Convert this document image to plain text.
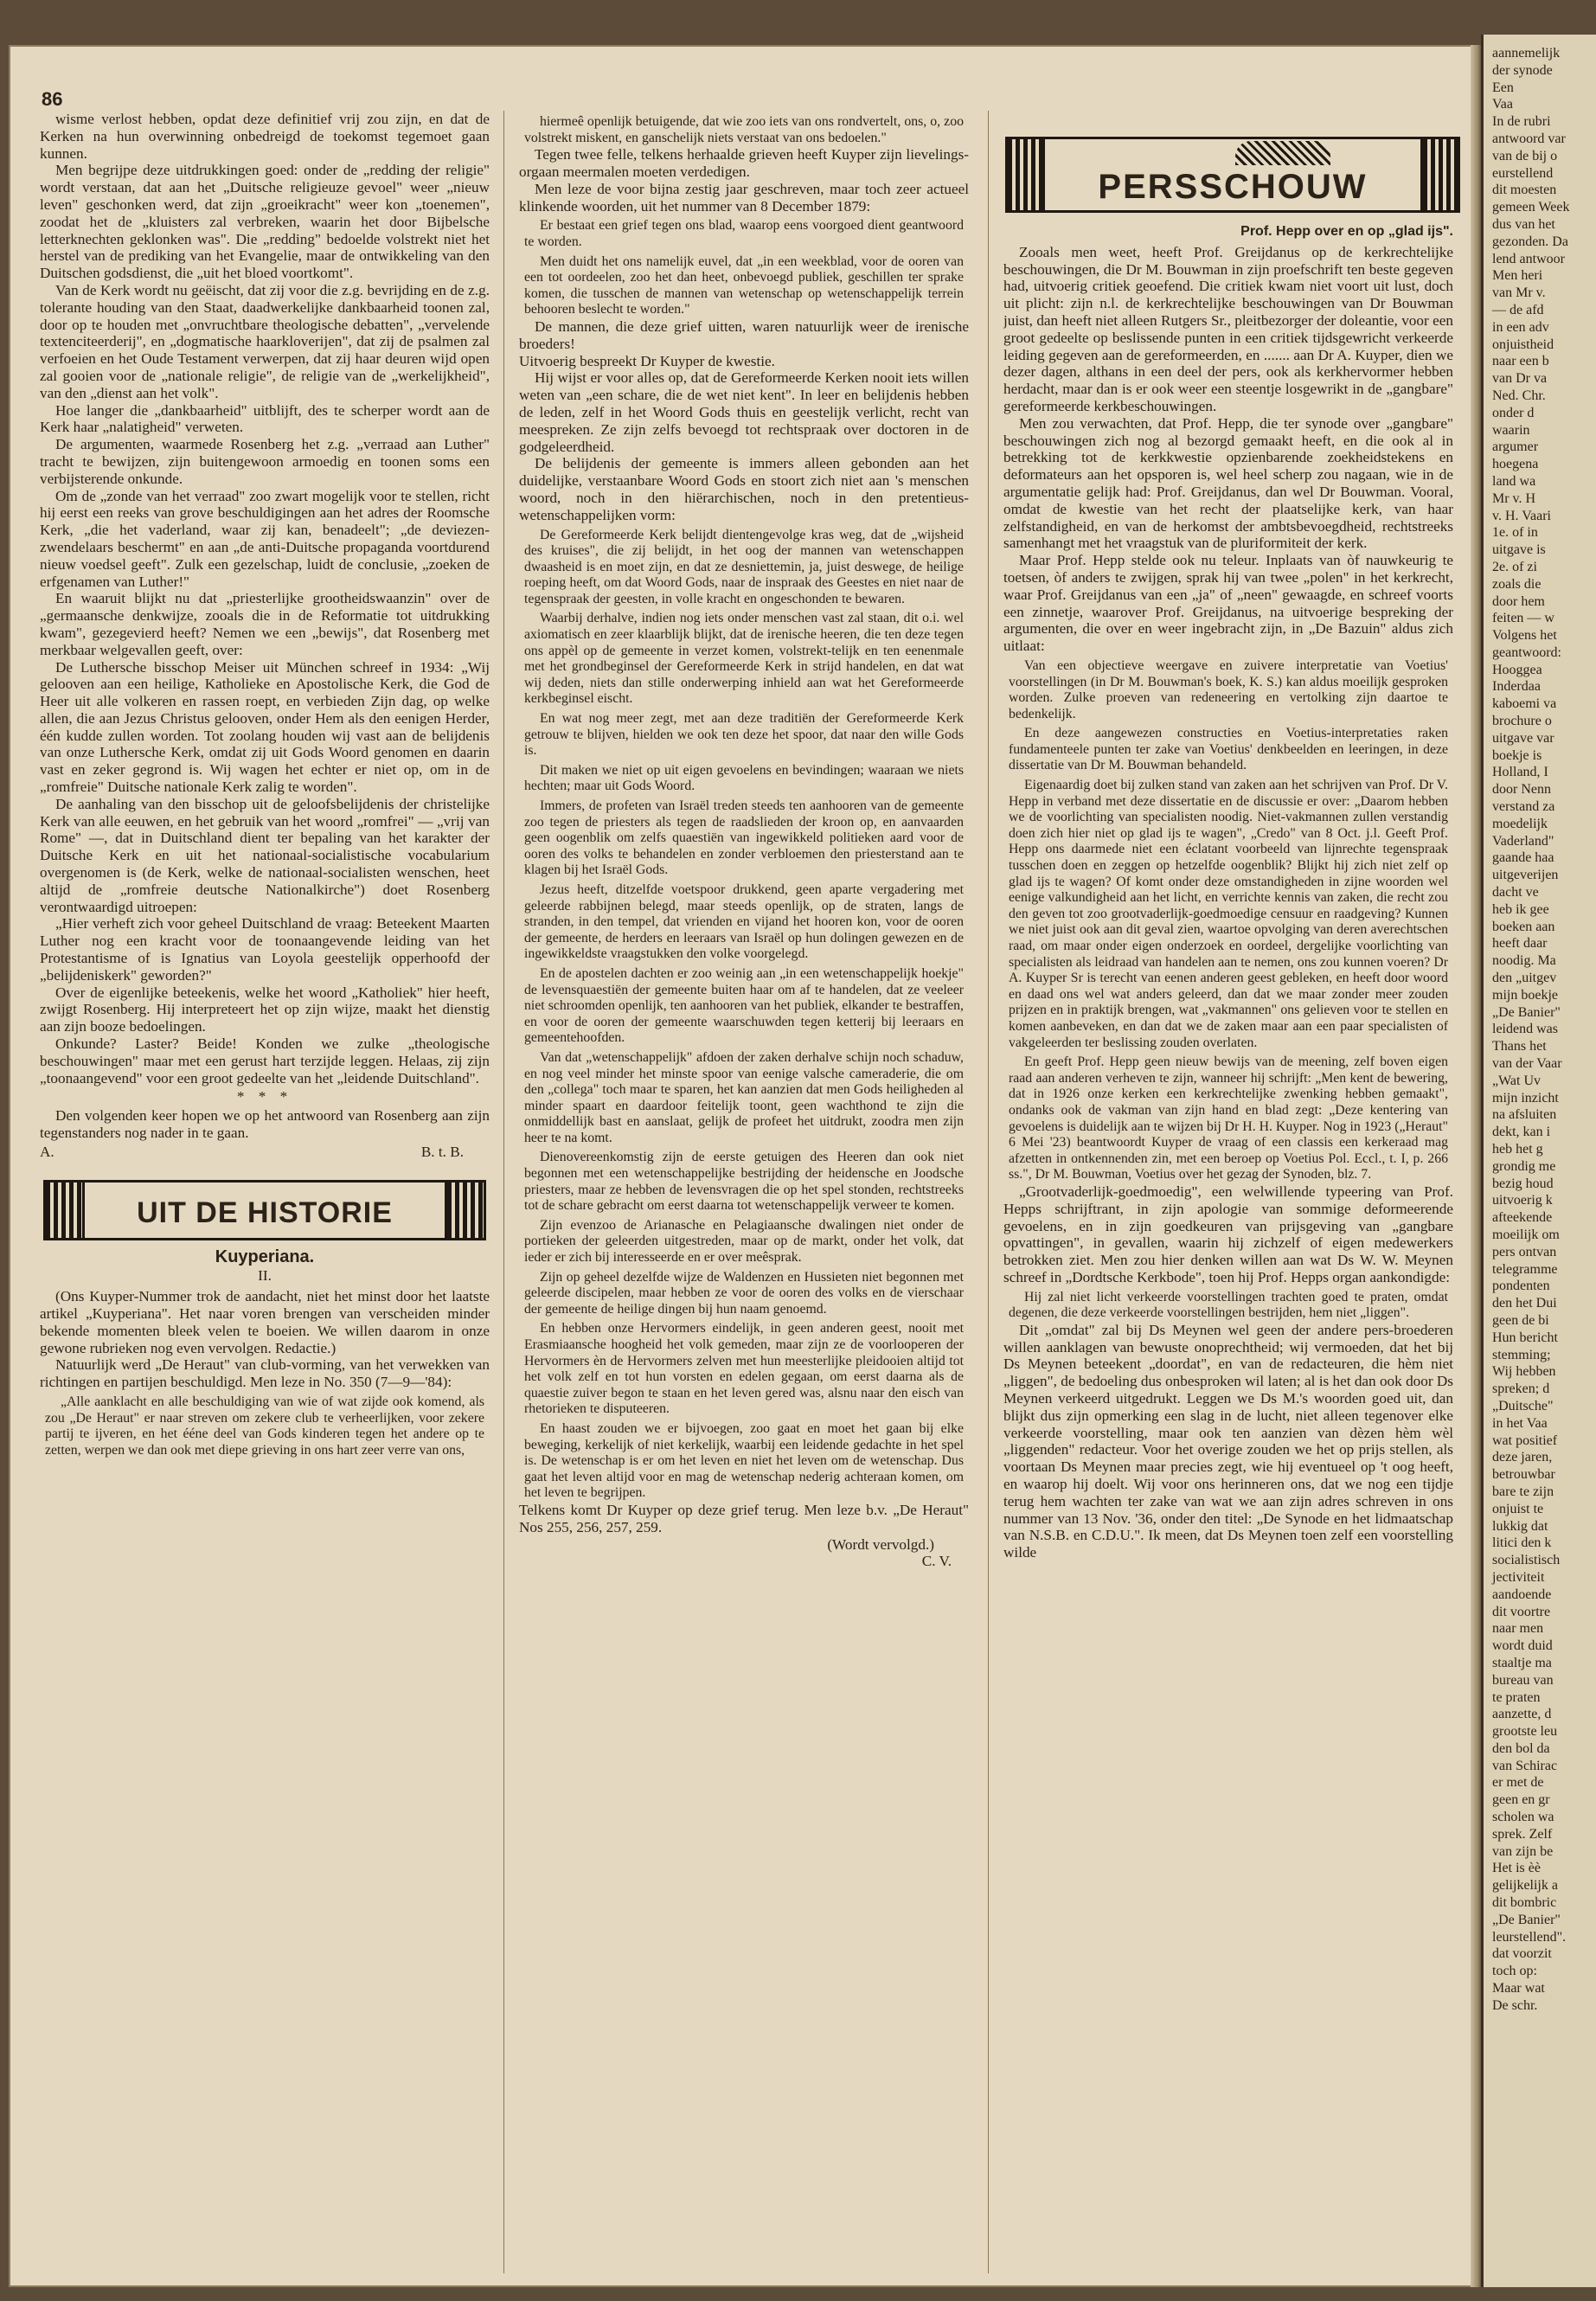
86

wisme verlost hebben, opdat deze definitief vrij zou zijn, en dat de Kerken na hun overwinning onbedreigd de toekomst tegemoet gaan kunnen.

Men begrijpe deze uitdrukkingen goed: onder de „redding der religie" wordt verstaan, dat aan het „Duitsche religieuze gevoel" weer „nieuw leven" geschonken werd, dat zijn „groeikracht" weer kon „toenemen", zoodat het de „kluisters zal verbreken, waarin het door Bijbelsche letterknechten geklonken was". Die „redding" bedoelde volstrekt niet het herstel van de prediking van het Evangelie, maar de ontwikkeling van den Duitschen godsdienst, die „uit het bloed voortkomt".

Van de Kerk wordt nu geëischt, dat zij voor die z.g. bevrijding en de z.g. tolerante houding van den Staat, daadwerkelijke dankbaarheid toonen zal, door op te houden met „onvruchtbare theologische debatten", „vervelende textenciteerderij", en „dogmatische haarkloverijen", dat zij de psalmen zal verfoeien en het Oude Testament verwerpen, dat zij haar deuren wijd open zal gooien voor de „nationale religie", de religie van de „werkelijkheid", van den „dienst aan het volk".

Hoe langer die „dankbaarheid" uitblijft, des te scherper wordt aan de Kerk haar „nalatigheid" verweten.

De argumenten, waarmede Rosenberg het z.g. „verraad aan Luther" tracht te bewijzen, zijn buitengewoon armoedig en toonen soms een verbijsterende onkunde.

Om de „zonde van het verraad" zoo zwart mogelijk voor te stellen, richt hij eerst een reeks van grove beschuldigingen aan het adres der Roomsche Kerk, „die het vaderland, waar zij kan, benadeelt"; „de deviezen-zwendelaars beschermt" en aan „de anti-Duitsche propaganda voortdurend nieuw voedsel geeft". Zulk een gezelschap, luidt de conclusie, „zoeken de erfgenamen van Luther!"

En waaruit blijkt nu dat „priesterlijke grootheidswaanzin" over de „germaansche denkwijze, zooals die in de Reformatie tot uitdrukking kwam", gezegevierd heeft? Nemen we een „bewijs", dat Rosenberg met merkbaar welgevallen geeft, over:

De Luthersche bisschop Meiser uit München schreef in 1934: „Wij gelooven aan een heilige, Katholieke en Apostolische Kerk, die God de Heer uit alle volkeren en rassen roept, en verbieden Zijn dag, op welke allen, die aan Jezus Christus gelooven, onder Hem als den eenigen Herder, één kudde zullen worden. Tot zoolang houden wij vast aan de belijdenis van onze Luthersche Kerk, omdat zij uit Gods Woord genomen en daarin vast en zeker gegrond is. Wij wagen het echter er niet op, om in de „romfreie" Duitsche nationale Kerk zalig te worden".

De aanhaling van den bisschop uit de geloofsbelijdenis der christelijke Kerk van alle eeuwen, en het gebruik van het woord „romfrei" — „vrij van Rome" —, dat in Duitschland dient ter bepaling van het karakter der Duitsche Kerk en uit het nationaal-socialistische vocabularium overgenomen is (de Kerk, welke de nationaal-socialisten wenschen, heet altijd de „romfreie deutsche Nationalkirche") doet Rosenberg verontwaardigd uitroepen:

„Hier verheft zich voor geheel Duitschland de vraag: Beteekent Maarten Luther nog een kracht voor de toonaangevende leiding van het Protestantisme of is Ignatius van Loyola geestelijk opperhoofd der „belijdeniskerk" geworden?"

Over de eigenlijke beteekenis, welke het woord „Katholiek" hier heeft, zwijgt Rosenberg. Hij interpreteert het op zijn wijze, maakt het dienstig aan zijn booze bedoelingen.

Onkunde? Laster? Beide! Konden we zulke „theologische beschouwingen" maar met een gerust hart terzijde leggen. Helaas, zij zijn „toonaangevend" voor een groot gedeelte van het „leidende Duitschland".

* * *

Den volgenden keer hopen we op het antwoord van Rosenberg aan zijn tegenstanders nog nader in te gaan.

A.	B. t. B.
UIT DE HISTORIE
Kuyperiana.
II.

(Ons Kuyper-Nummer trok de aandacht, niet het minst door het laatste artikel „Kuyperiana". Het naar voren brengen van verscheiden minder bekende momenten bleek velen te boeien. We willen daarom in onze gewone rubrieken nog even vervolgen. Redactie.)

Natuurlijk werd „De Heraut" van club-vorming, van het verwekken van richtingen en partijen beschuldigd. Men leze in No. 350 (7—9—'84):

„Alle aanklacht en alle beschuldiging van wie of wat zijde ook komend, als zou „De Heraut" er naar streven om zekere club te verheerlijken, voor zekere partij te ijveren, en het ééne deel van Gods kinderen tegen het andere op te zetten, werpen we dan ook met diepe grieving in ons hart zeer verre van ons,

hiermeê openlijk betuigende, dat wie zoo iets van ons rondvertelt, ons, o, zoo volstrekt miskent, en ganschelijk niets verstaat van ons bedoelen."

Tegen twee felle, telkens herhaalde grieven heeft Kuyper zijn lievelings-orgaan meermalen moeten verdedigen.

Men leze de voor bijna zestig jaar geschreven, maar toch zeer actueel klinkende woorden, uit het nummer van 8 December 1879:

Er bestaat een grief tegen ons blad, waarop eens voorgoed dient geantwoord te worden.

Men duidt het ons namelijk euvel, dat „in een weekblad, voor de ooren van een tot oordeelen, zoo het dan heet, onbevoegd publiek, geschillen ter sprake komen, die tusschen de mannen van wetenschap op wetenschappelijk terrein behooren beslecht te worden."

De mannen, die deze grief uitten, waren natuurlijk weer de irenische broeders!

Uitvoerig bespreekt Dr Kuyper de kwestie.

Hij wijst er voor alles op, dat de Gereformeerde Kerken nooit iets willen weten van „een schare, die de wet niet kent". In leer en belijdenis hebben de leden, zelf in het Woord Gods thuis en geestelijk verlicht, recht van meespreken. Ze zijn zelfs bevoegd tot rechtspraak over doctoren in de godgeleerdheid.

De belijdenis der gemeente is immers alleen gebonden aan het duidelijke, verstaanbare Woord Gods en stoort zich niet aan 's menschen woord, noch in den hiërarchischen, noch in den pretentieus-wetenschappelijken vorm:

De Gereformeerde Kerk belijdt dientengevolge kras weg, dat de „wijsheid des kruises", die zij belijdt, in het oog der mannen van wetenschappen dwaasheid is en moet zijn, en dat ze desniettemin, ja, juist deswege, de heilige roeping heeft, om dat Woord Gods, naar de inspraak des Geestes en niet naar de tegenspraak der geesten, in volle kracht en ongeschonden te bewaren.

Waarbij derhalve, indien nog iets onder menschen vast zal staan, dit o.i. wel axiomatisch en zeer klaarblijk blijkt, dat de irenische heeren, die ten deze tegen ons appèl op de gemeente in verzet komen, volstrekt-telijk en ten eenenmale met het grondbeginsel der Gereformeerde Kerk in strijd handelen, en dat wat wij deden, niets dan stille onderwerping inhield aan wat het Gereformeerde kerkbeginsel eischt.

En wat nog meer zegt, met aan deze traditiën der Gereformeerde Kerk getrouw te blijven, hielden we ook ten deze het spoor, dat naar den wille Gods is.

Dit maken we niet op uit eigen gevoelens en bevindingen; waaraan we niets hechten; maar uit Gods Woord.

Immers, de profeten van Israël treden steeds ten aanhooren van de gemeente zoo tegen de priesters als tegen de raadslieden der kroon op, en aanvaarden geen oogenblik om zelfs quaestiën van ingewikkeld politieken aard voor de ooren des volks te behandelen en zonder verbloemen den priesterstand aan te klagen bij het Israël Gods.

Jezus heeft, ditzelfde voetspoor drukkend, geen aparte vergadering met geleerde rabbijnen belegd, maar steeds openlijk, op de straten, langs de stranden, in den tempel, dat vrienden en vijand het hooren kon, voor de ooren der gemeente, de herders en leeraars van Israël op hun dolingen gewezen en de ingewikkeldste vraagstukken den volke voorgelegd.

En de apostelen dachten er zoo weinig aan „in een wetenschappelijk hoekje" de levensquaestiën der gemeente buiten haar om af te handelen, dat ze veeleer niet schroomden openlijk, ten aanhooren van het publiek, elkander te bestraffen, en voor de ooren der gemeente waarschuwden tegen ketterij bij leeraars en gemeentehoofden.

Van dat „wetenschappelijk" afdoen der zaken derhalve schijn noch schaduw, en nog veel minder het minste spoor van eenige valsche cameraderie, die om den „collega" toch maar te sparen, het kan aanzien dat men Gods heiligheden al minder spaart en daardoor feitelijk toont, geen wachthond te zijn die onmiddellijk bast en aanslaat, gelijk de profeet het uitdrukt, zoodra men zijn heer te na komt.

Dienovereenkomstig zijn de eerste getuigen des Heeren dan ook niet begonnen met een wetenschappelijke bestrijding der heidensche en Joodsche priesters, maar ze hebben de levensvragen die op het spel stonden, rechtstreeks tot de schare gebracht om eerst daarna tot wetenschappelijk verweer te komen.

Zijn evenzoo de Arianasche en Pelagiaansche dwalingen niet onder de portieken der geleerden uitgestreden, maar op de markt, onder het volk, dat ieder er zich bij interesseerde en er over meêsprak.

Zijn op geheel dezelfde wijze de Waldenzen en Hussieten niet begonnen met geleerde discipelen, maar hebben ze voor de ooren des volks en de vierschaar der gemeente de heilige dingen bij hun naam genoemd.

En hebben onze Hervormers eindelijk, in geen anderen geest, nooit met Erasmiaansche hoogheid het volk gemeden, maar zijn ze de voorlooperen der Hervormers èn de Hervormers zelven met hun meesterlijke pleidooien altijd tot het volk zelf en tot hun vorsten en edelen gegaan, om eerst daarna als de quaestie zuiver begon te staan en het leven gered was, alsnu naar den eisch van rhetorieken te disputeeren.

En haast zouden we er bijvoegen, zoo gaat en moet het gaan bij elke beweging, kerkelijk of niet kerkelijk, waarbij een leidende gedachte in het spel is. De wetenschap is er om het leven en niet het leven om de wetenschap. Dus gaat het leven altijd voor en mag de wetenschap nederig achteraan komen, om het leven te begrijpen.

Telkens komt Dr Kuyper op deze grief terug. Men leze b.v. „De Heraut" Nos 255, 256, 257, 259.

(Wordt vervolgd.)
C. V.
PERSSCHOUW
Prof. Hepp over en op „glad ijs".

Zooals men weet, heeft Prof. Greijdanus op de kerkrechtelijke beschouwingen, die Dr M. Bouwman in zijn proefschrift ten beste gegeven had, uitvoerig critiek geoefend. Die critiek kwam niet voort uit lust, doch uit plicht: zijn n.l. de kerkrechtelijke beschouwingen van Dr Bouwman juist, dan heeft niet alleen Rutgers Sr., pleitbezorger der doleantie, voor een groot gedeelte op beslissende punten in een critiek tijdsgewricht verkeerde leiding gegeven aan de gereformeerden, en ....... aan Dr A. Kuyper, dien we dezer dagen, althans in een deel der pers, ook als kerkhervormer hebben herdacht, maar dan is er ook weer een steentje losgewrikt in de „gangbare" gereformeerde kerkbeschouwingen.

Men zou verwachten, dat Prof. Hepp, die ter synode over „gangbare" beschouwingen zich nog al bezorgd gemaakt heeft, en die ook al in betrekking tot de kerkkwestie opzienbarende zoekheidstekens en deformateurs aan het opsporen is, wel heel scherp zou nagaan, wie in de argumentatie gelijk had: Prof. Greijdanus, dan wel Dr Bouwman. Vooral, omdat de kwestie van het recht der plaatselijke kerk, van haar zelfstandigheid, en van de herkomst der ambtsbevoegdheid, rechtstreeks samenhangt met het vraagstuk van de pluriformiteit der kerk.

Maar Prof. Hepp stelde ook nu teleur. Inplaats van òf nauwkeurig te toetsen, òf anders te zwijgen, sprak hij van twee „polen" in het kerkrecht, waar Prof. Greijdanus van een „ja" of „neen" gewaagde, en schreef voorts een zinnetje, waarover Prof. Greijdanus, na uitvoerige bespreking der argumenten, die over en weer ingebracht zijn, in „De Bazuin" aldus zich uitlaat:

Van een objectieve weergave en zuivere interpretatie van Voetius' voorstellingen (in Dr M. Bouwman's boek, K. S.) kan aldus moeilijk gesproken worden. Zulke proeven van redeneering en vertolking zijn daartoe te bedenkelijk.

En deze aangewezen constructies en Voetius-interpretaties raken fundamenteele punten ter zake van Voetius' denkbeelden en leeringen, in deze dissertatie van Dr M. Bouwman behandeld.

Eigenaardig doet bij zulken stand van zaken aan het schrijven van Prof. Dr V. Hepp in verband met deze dissertatie en de discussie er over: „Daarom hebben we de voorlichting van specialisten noodig. Niet-vakmannen zullen verstandig doen zich hier niet op glad ijs te wagen", „Credo" van 8 Oct. j.l. Geeft Prof. Hepp ons daarmede niet een éclatant voorbeeld van lijnrechte tegenspraak tusschen doen en zeggen op hetzelfde oogenblik? Blijkt hij zich niet zelf op glad ijs te wagen? Of komt onder deze omstandigheden in zijne woorden wel eenige valkundigheid aan het licht, en verrichte kennis van zaken, die recht zou den geven tot zoo grootvaderlijk-goedmoedige censuur en raadgeving? Kunnen we niet juist ook aan dit geval zien, waartoe opvolging van deren averechtschen raad, om maar onder eigen onderzoek en oordeel, dergelijke voorlichting van specialisten als leidraad van handelen aan te nemen, ons zou kunnen voeren? Dr A. Kuyper Sr is terecht van eenen anderen geest gebleken, en heeft door woord en daad ons wel wat anders geleerd, dan dat we maar zonder meer zouden prijzen en in praktijk brengen, wat „vakmannen" ons gelieven voor te stellen en komen aanbeveken, en dan dat we de zaken maar aan een paar specialisten of vakgeleerden ter beslissing zouden overlaten.

En geeft Prof. Hepp geen nieuw bewijs van de meening, zelf boven eigen raad aan anderen verheven te zijn, wanneer hij schrijft: „Men kent de bewering, dat in 1926 onze kerken een kerkrechtelijke zwenking hebben gemaakt", ondanks ook de vakman van zijn hand en blad zegt: „Deze kentering van gevoelens is duidelijk aan te wijzen bij Dr H. H. Kuyper. Nog in 1923 („Heraut" 6 Mei '23) beantwoordt Kuyper de vraag of een classis een kerkeraad mag afzetten in ontkennenden zin, met een beroep op Voetius Pol. Eccl., t. I, p. 266 ss.", Dr M. Bouwman, Voetius over het gezag der Synoden, blz. 7.

„Grootvaderlijk-goedmoedig", een welwillende typeering van Prof. Hepps schrijftrant, in zijn apologie van sommige deformeerende gevoelens, en in zijn goedkeuren van prijsgeving van „gangbare opvattingen", in gevallen, waarin hij zichzelf of eigen medewerkers betrokken ziet. Men zou hier denken willen aan wat Ds W. W. Meynen schreef in „Dordtsche Kerkbode", toen hij Prof. Hepps organ aankondigde:

Hij zal niet licht verkeerde voorstellingen trachten goed te praten, omdat degenen, die deze verkeerde voorstellingen bestrijden, hem niet „liggen".

Dit „omdat" zal bij Ds Meynen wel geen der andere pers-broederen willen aanklagen van bewuste onoprechtheid; wij vermoeden, dat het bij Ds Meynen beteekent „doordat", en van de redacteuren, die hèm niet „liggen", de bedoeling dus onbesproken wil laten; al is het dan ook door Ds Meynen verkeerd uitgedrukt. Leggen we Ds M.'s woorden goed uit, dan blijkt dus zijn opmerking een slag in de lucht, niet alleen tegenover elke verkeerde voorstelling, maar ook ten aanzien van dèzen hèm wèl „liggenden" redacteur. Voor het overige zouden we het op prijs stellen, als voortaan Ds Meynen maar precies zegt, wie hij eventueel op 't oog heeft, en waarop hij doelt. Wij voor ons herinneren ons, dat we nog een tijdje terug hem wachten ter zake van wat we aan zijn adres schreven in ons nummer van 13 Nov. '36, onder den titel: „De Synode en het lidmaatschap van N.S.B. en C.D.U.". Ik meen, dat Ds Meynen toen zelf een voorstelling wilde

aannemelijk
der synode
Een
Vaa
In de rubri
antwoord var
van de bij o
eurstellend
dit moesten
gemeen Week
dus van het
gezonden. Da
lend antwoor
Men heri
van Mr v.
— de afd
in een adv
onjuistheid
naar een b
van Dr va
Ned. Chr.
onder d
waarin
argumer
hoegena
land wa
Mr v. H
v. H. Vaari
1e. of in
uitgave is
2e. of zi
zoals die
door hem
feiten — w
Volgens het
geantwoord:
Hooggea
Inderdaa
kaboemi va
brochure o
uitgave var
boekje is
Holland, I
door Nenn
verstand za
moedelijk
Vaderland"
gaande haa
uitgeverijen
dacht ve
heb ik gee
boeken aan
heeft daar
noodig. Ma
den „uitgev
mijn boekje
„De Banier"
leidend was
Thans het
van der Vaar
„Wat Uv
mijn inzicht
na afsluiten
dekt, kan i
heb het g
grondig me
bezig houd
uitvoerig k
afteekende
moeilijk om
pers ontvan
telegramme
pondenten
den het Dui
geen de bi
Hun bericht
stemming;
Wij hebben
spreken; d
„Duitsche"
in het Vaa
wat positief
deze jaren,
betrouwbar
bare te zijn
onjuist te
lukkig dat
litici den k
socialistisch
jectiviteit
aandoende
dit voortre
naar men
wordt duid
staaltje ma
bureau van
te praten
aanzette, d
grootste leu
den bol da
van Schirac
er met de
geen en gr
scholen wa
sprek. Zelf
van zijn be
Het is èè
gelijkelijk a
dit bombric
„De Banier"
leurstellend".
dat voorzit
toch op:
Maar wat
De schr.
